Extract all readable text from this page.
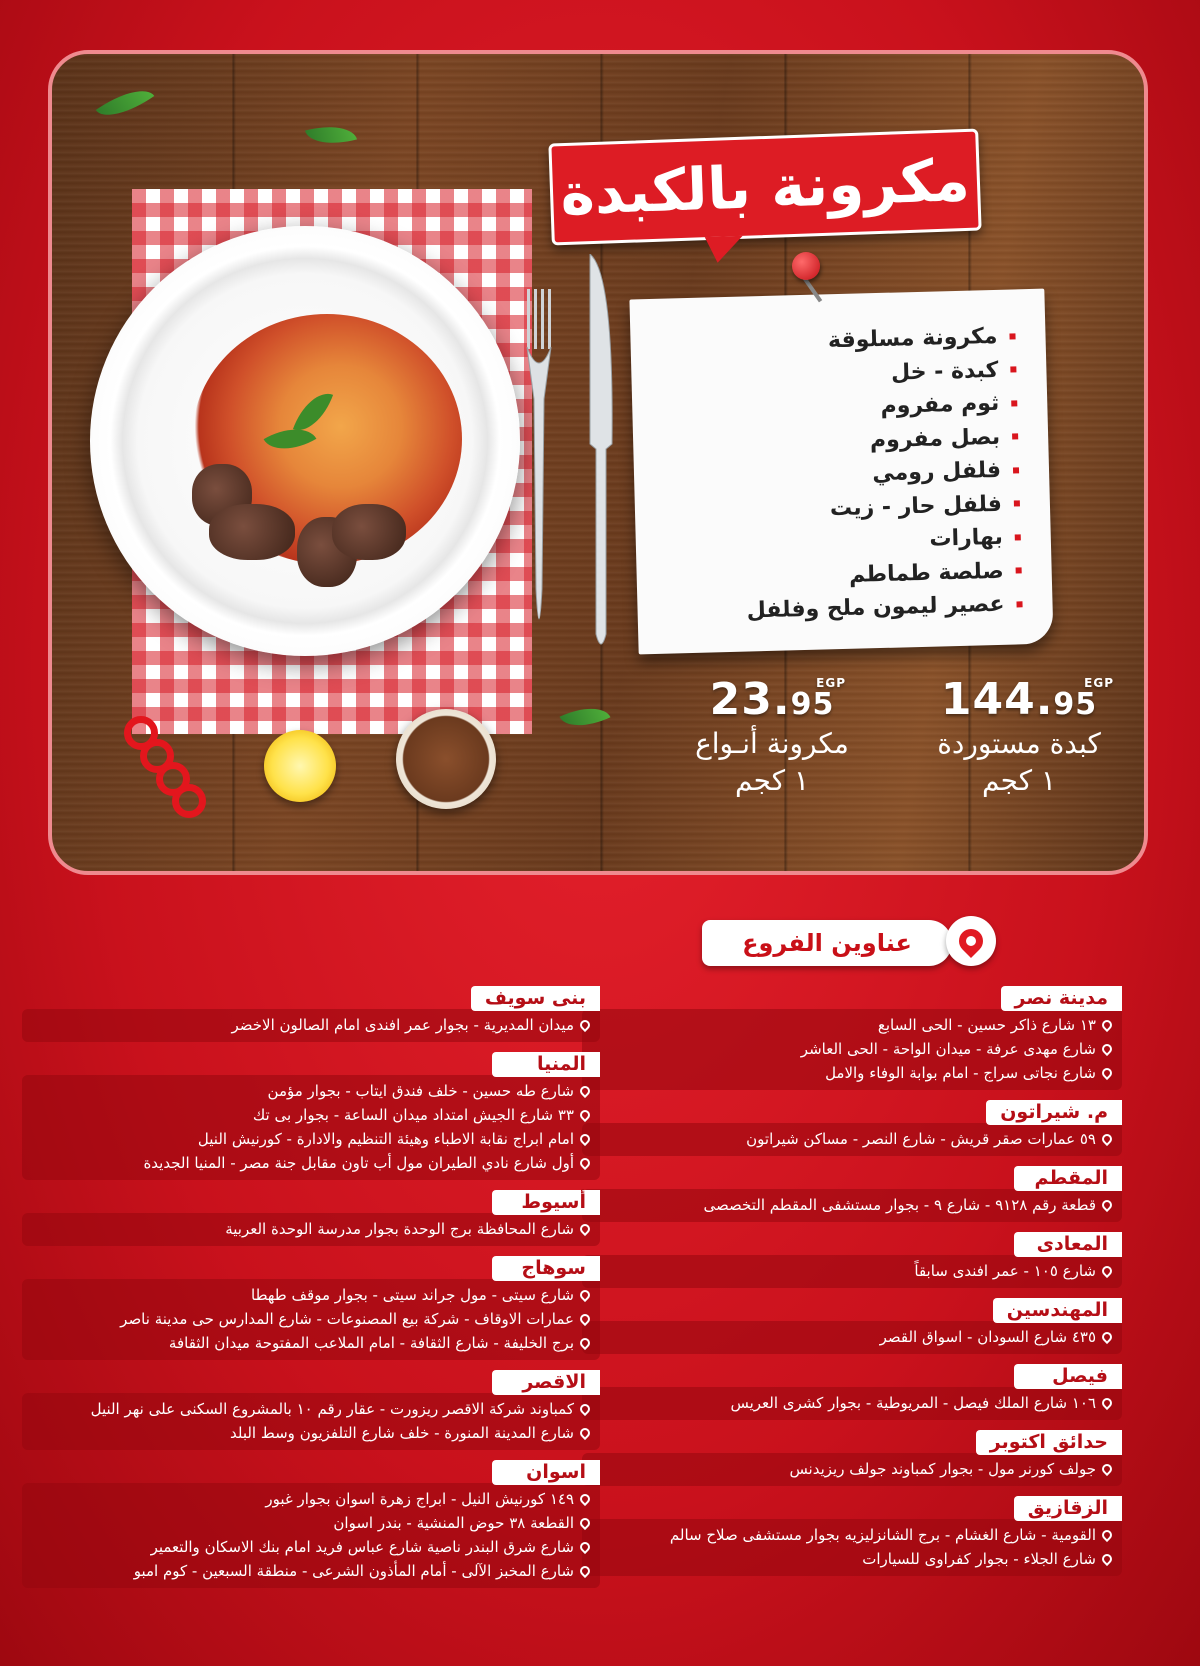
مكرونة بالكبدة
مكرونة مسلوقة
كبدة - خل
ثوم مفروم
بصل مفروم
فلفل رومي
فلفل حار - زيت
بهارات
صلصة طماطم
عصير ليمون ملح وفلفل
144.95
EGP
كبدة مستوردة
١ كجم
23.95
EGP
مكرونة أنـواع
١ كجم
عناوين الفروع
مدينة نصر
١٣ شارع ذاكر حسين - الحى السابع
شارع مهدى عرفة - ميدان الواحة - الحى العاشر
شارع نجاتى سراج - امام بوابة الوفاء والامل
م. شيراتون
٥٩ عمارات صقر قريش - شارع النصر - مساكن شيراتون
المقطم
قطعة رقم ٩١٢٨ - شارع ٩ - بجوار مستشفى المقطم التخصصى
المعادى
شارع ١٠٥ - عمر افندى سابقاً
المهندسين
٤٣٥ شارع السودان - اسواق القصر
فيصل
١٠٦ شارع الملك فيصل - المريوطية - بجوار كشرى العريس
حدائق اكتوبر
جولف كورنر مول - بجوار كمباوند جولف ريزيدنس
الزقازيق
القومية - شارع الغشام - برج الشانزليزيه بجوار مستشفى صلاح سالم
شارع الجلاء - بجوار كفراوى للسيارات
بنى سويف
ميدان المديرية - بجوار عمر افندى امام الصالون الاخضر
المنيا
شارع طه حسين - خلف فندق ايتاب - بجوار مؤمن
٣٣ شارع الجيش امتداد ميدان الساعة - بجوار بى تك
امام ابراج نقابة الاطباء وهيئة التنظيم والادارة - كورنيش النيل
أول شارع نادي الطيران مول أب تاون مقابل جنة مصر - المنيا الجديدة
أسيوط
شارع المحافظة برج الوحدة بجوار مدرسة الوحدة العربية
سوهاج
شارع سيتى - مول جراند سيتى - بجوار موقف طهطا
عمارات الاوقاف - شركة بيع المصنوعات - شارع المدارس حى مدينة ناصر
برج الخليفة - شارع الثقافة - امام الملاعب المفتوحة ميدان الثقافة
الاقصر
كمباوند شركة الاقصر ريزورت - عقار رقم ١٠ بالمشروع السكنى على نهر النيل
شارع المدينة المنورة - خلف شارع التلفزيون وسط البلد
اسوان
١٤٩ كورنيش النيل - ابراج زهرة اسوان بجوار غبور
القطعة ٣٨ حوض المنشية - بندر اسوان
شارع شرق البندر ناصية شارع عباس فريد امام بنك الاسكان والتعمير
شارع المخبز الآلى - أمام المأذون الشرعى - منطقة السبعين - كوم امبو
